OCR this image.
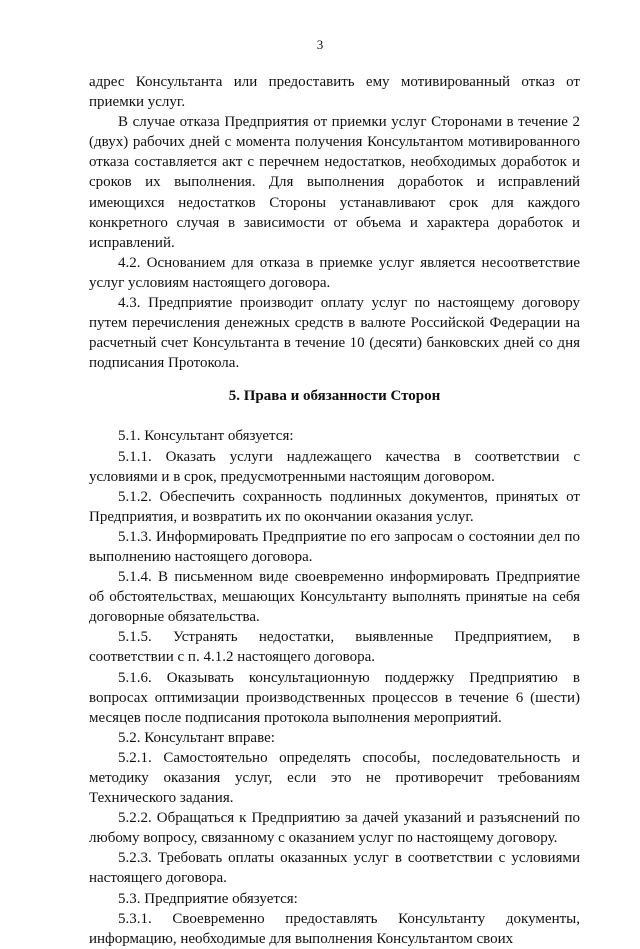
3

адрес Консультанта или предоставить ему мотивированный отказ от приемки услуг.

В случае отказа Предприятия от приемки услуг Сторонами в течение 2 (двух) рабочих дней с момента получения Консультантом мотивированного отказа составляется акт с перечнем недостатков, необходимых доработок и сроков их выполнения. Для выполнения доработок и исправлений имеющихся недостатков Стороны устанавливают срок для каждого конкретного случая в зависимости от объема и характера доработок и исправлений.

4.2. Основанием для отказа в приемке услуг является несоответствие услуг условиям настоящего договора.

4.3. Предприятие производит оплату услуг по настоящему договору путем перечисления денежных средств в валюте Российской Федерации на расчетный счет Консультанта в течение 10 (десяти) банковских дней со дня подписания Протокола.

5. Права и обязанности Сторон

5.1. Консультант обязуется:

5.1.1. Оказать услуги надлежащего качества в соответствии с условиями и в срок, предусмотренными настоящим договором.

5.1.2. Обеспечить сохранность подлинных документов, принятых от Предприятия, и возвратить их по окончании оказания услуг.

5.1.3. Информировать Предприятие по его запросам о состоянии дел по выполнению настоящего договора.

5.1.4. В письменном виде своевременно информировать Предприятие об обстоятельствах, мешающих Консультанту выполнять принятые на себя договорные обязательства.

5.1.5. Устранять недостатки, выявленные Предприятием, в соответствии с п. 4.1.2 настоящего договора.

5.1.6. Оказывать консультационную поддержку Предприятию в вопросах оптимизации производственных процессов в течение 6 (шести) месяцев после подписания протокола выполнения мероприятий.

5.2. Консультант вправе:

5.2.1. Самостоятельно определять способы, последовательность и методику оказания услуг, если это не противоречит требованиям Технического задания.

5.2.2. Обращаться к Предприятию за дачей указаний и разъяснений по любому вопросу, связанному с оказанием услуг по настоящему договору.

5.2.3. Требовать оплаты оказанных услуг в соответствии с условиями настоящего договора.

5.3. Предприятие обязуется:

5.3.1. Своевременно предоставлять Консультанту документы, информацию, необходимые для выполнения Консультантом своих
